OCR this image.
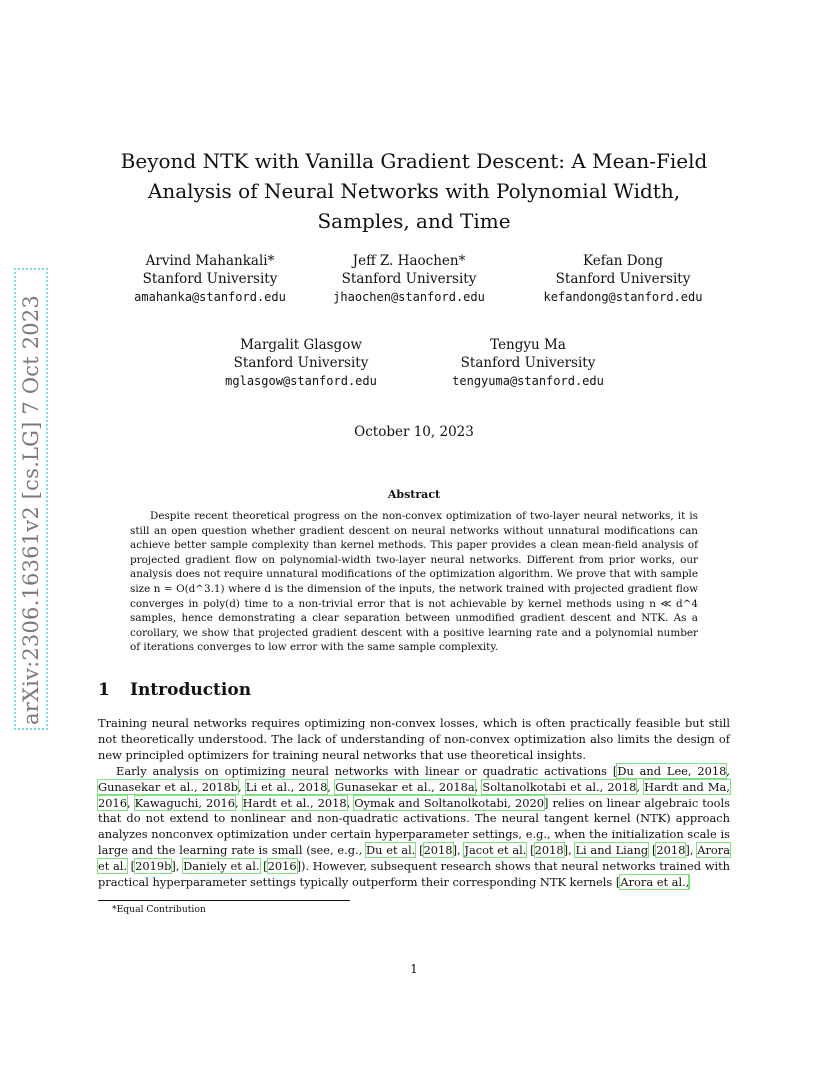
arXiv:2306.16361v2 [cs.LG] 7 Oct 2023
Beyond NTK with Vanilla Gradient Descent: A Mean-Field Analysis of Neural Networks with Polynomial Width, Samples, and Time
Arvind Mahankali*
Stanford University
amahanka@stanford.edu
Jeff Z. Haochen*
Stanford University
jhaochen@stanford.edu
Kefan Dong
Stanford University
kefandong@stanford.edu
Margalit Glasgow
Stanford University
mglasgow@stanford.edu
Tengyu Ma
Stanford University
tengyuma@stanford.edu
October 10, 2023
Abstract

Despite recent theoretical progress on the non-convex optimization of two-layer neural networks, it is still an open question whether gradient descent on neural networks without unnatural modifications can achieve better sample complexity than kernel methods. This paper provides a clean mean-field analysis of projected gradient flow on polynomial-width two-layer neural networks. Different from prior works, our analysis does not require unnatural modifications of the optimization algorithm. We prove that with sample size n = O(d^3.1) where d is the dimension of the inputs, the network trained with projected gradient flow converges in poly(d) time to a non-trivial error that is not achievable by kernel methods using n ≪ d^4 samples, hence demonstrating a clear separation between unmodified gradient descent and NTK. As a corollary, we show that projected gradient descent with a positive learning rate and a polynomial number of iterations converges to low error with the same sample complexity.

1 Introduction

Training neural networks requires optimizing non-convex losses, which is often practically feasible but still not theoretically understood. The lack of understanding of non-convex optimization also limits the design of new principled optimizers for training neural networks that use theoretical insights.

Early analysis on optimizing neural networks with linear or quadratic activations [Du and Lee, 2018, Gunasekar et al., 2018b, Li et al., 2018, Gunasekar et al., 2018a, Soltanolkotabi et al., 2018, Hardt and Ma, 2016, Kawaguchi, 2016, Hardt et al., 2018, Oymak and Soltanolkotabi, 2020] relies on linear algebraic tools that do not extend to nonlinear and non-quadratic activations. The neural tangent kernel (NTK) approach analyzes nonconvex optimization under certain hyperparameter settings, e.g., when the initialization scale is large and the learning rate is small (see, e.g., Du et al. [2018], Jacot et al. [2018], Li and Liang [2018], Arora et al. [2019b], Daniely et al. [2016]). However, subsequent research shows that neural networks trained with practical hyperparameter settings typically outperform their corresponding NTK kernels [Arora et al.,

*Equal Contribution
1
